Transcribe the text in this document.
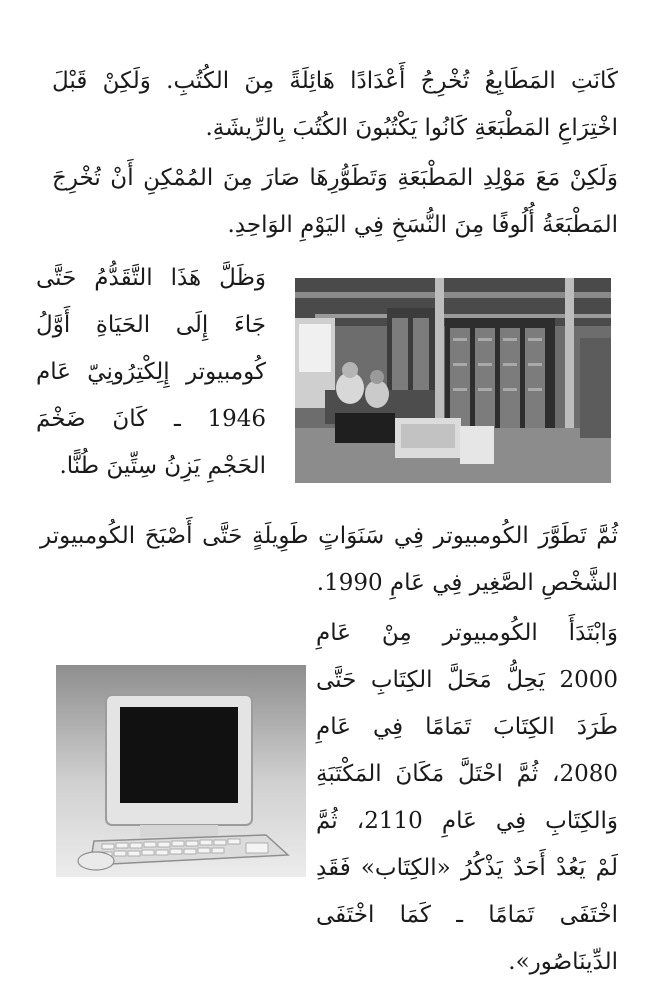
كَانَتِ المَطَابِعُ تُخْرِجُ أَعْدَادًا هَائِلَةً مِنَ الكُتُبِ. وَلَكِنْ قَبْلَ
اخْتِرَاعِ المَطْبَعَةِ كَانُوا يَكْتُبُونَ الكُتُبَ بِالرِّيشَةِ.
وَلَكِنْ مَعَ مَوْلِدِ المَطْبَعَةِ وَتَطَوُّرِهَا صَارَ مِنَ المُمْكِنِ أَنْ تُخْرِجَ
المَطْبَعَةُ أُلُوفًا مِنَ النُّسَخِ فِي اليَوْمِ الوَاحِدِ.
وَظَلَّ هَذَا التَّقَدُّمُ حَتَّى
جَاءَ إِلَى الحَيَاةِ أَوَّلُ
كُومبيوتر إِلِكْتِرُونِيّ عَام
1946 ـ كَانَ ضَخْمَ
الحَجْمِ يَزِنُ سِتِّينَ طُنًّا.
ثُمَّ تَطَوَّرَ الكُومبيوتر فِي سَنَوَاتٍ طَوِيلَةٍ حَتَّى أَصْبَحَ الكُومبيوتر
الشَّخْصِ الصَّغِير فِي عَامِ 1990.
وَابْتَدَأَ الكُومبيوتر مِنْ عَامِ
2000 يَحِلُّ مَحَلَّ الكِتَابِ حَتَّى
طَرَدَ الكِتَابَ تَمَامًا فِي عَامِ
2080، ثُمَّ احْتَلَّ مَكَانَ المَكْتَبَةِ
وَالكِتَابِ فِي عَامِ 2110، ثُمَّ
لَمْ يَعُدْ أَحَدٌ يَذْكُرُ «الكِتَاب» فَقَدِ
اخْتَفَى تَمَامًا ـ كَمَا اخْتَفَى
الدِّينَاصُور».
